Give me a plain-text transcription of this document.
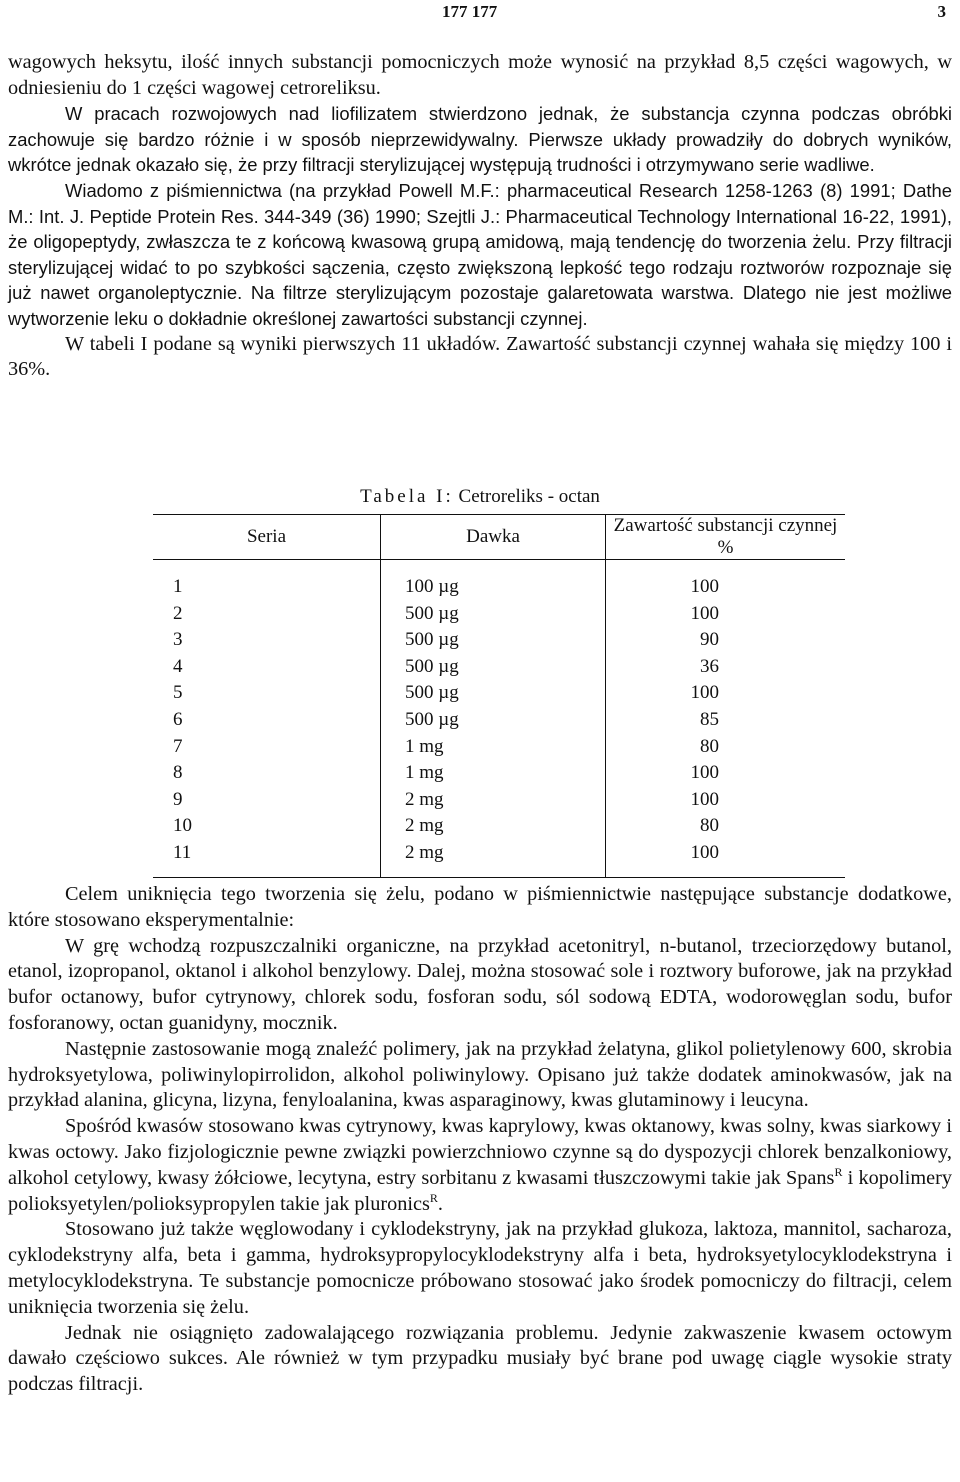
177 177	3

wagowych heksytu, ilość innych substancji pomocniczych może wynosić na przykład 8,5 części wagowych, w odniesieniu do 1 części wagowej cetroreliksu.

W pracach rozwojowych nad liofilizatem stwierdzono jednak, że substancja czynna podczas obróbki zachowuje się bardzo różnie i w sposób nieprzewidywalny. Pierwsze układy prowadziły do dobrych wyników, wkrótce jednak okazało się, że przy filtracji sterylizującej występują trudności i otrzymywano serie wadliwe.

Wiadomo z piśmiennictwa (na przykład Powell M.F.: pharmaceutical Research 1258-1263 (8) 1991; Dathe M.: Int. J. Peptide Protein Res. 344-349 (36) 1990; Szejtli J.: Pharmaceutical Technology International 16-22, 1991), że oligopeptydy, zwłaszcza te z końcową kwasową grupą amidową, mają tendencję do tworzenia żelu. Przy filtracji sterylizującej widać to po szybkości sączenia, często zwiększoną lepkość tego rodzaju roztworów rozpoznaje się już nawet organoleptycznie. Na filtrze sterylizującym pozostaje galaretowata warstwa. Dlatego nie jest możliwe wytworzenie leku o dokładnie określonej zawartości substancji czynnej.

W tabeli I podane są wyniki pierwszych 11 układów. Zawartość substancji czynnej wahała się między 100 i 36%.

Tabela I: Cetroreliks - octan
Seria	Dawka	Zawartość substancji czynnej %
1	100 µg	100
2	500 µg	100
3	500 µg	90
4	500 µg	36
5	500 µg	100
6	500 µg	85
7	1 mg	80
8	1 mg	100
9	2 mg	100
10	2 mg	80
11	2 mg	100

Celem uniknięcia tego tworzenia się żelu, podano w piśmiennictwie następujące substancje dodatkowe, które stosowano eksperymentalnie:

W grę wchodzą rozpuszczalniki organiczne, na przykład acetonitryl, n-butanol, trzeciorzędowy butanol, etanol, izopropanol, oktanol i alkohol benzylowy. Dalej, można stosować sole i roztwory buforowe, jak na przykład bufor octanowy, bufor cytrynowy, chlorek sodu, fosforan sodu, sól sodową EDTA, wodorowęglan sodu, bufor fosforanowy, octan guanidyny, mocznik.

Następnie zastosowanie mogą znaleźć polimery, jak na przykład żelatyna, glikol polietylenowy 600, skrobia hydroksyetylowa, poliwinylopirrolidon, alkohol poliwinylowy. Opisano już także dodatek aminokwasów, jak na przykład alanina, glicyna, lizyna, fenyloalanina, kwas asparaginowy, kwas glutaminowy i leucyna.

Spośród kwasów stosowano kwas cytrynowy, kwas kaprylowy, kwas oktanowy, kwas solny, kwas siarkowy i kwas octowy. Jako fizjologicznie pewne związki powierzchniowo czynne są do dyspozycji chlorek benzalkoniowy, alkohol cetylowy, kwasy żółciowe, lecytyna, estry sorbitanu z kwasami tłuszczowymi takie jak Spans$^R$ i kopolimery polioksyetylen/polioksypropylen takie jak pluronics$^R$.

Stosowano już także węglowodany i cyklodekstryny, jak na przykład glukoza, laktoza, mannitol, sacharoza, cyklodekstryny alfa, beta i gamma, hydroksypropylocyklodekstryny alfa i beta, hydroksyetylocyklodekstryna i metylocyklodekstryna. Te substancje pomocnicze próbowano stosować jako środek pomocniczy do filtracji, celem uniknięcia tworzenia się żelu.

Jednak nie osiągnięto zadowalającego rozwiązania problemu. Jedynie zakwaszenie kwasem octowym dawało częściowo sukces. Ale również w tym przypadku musiały być brane pod uwagę ciągle wysokie straty podczas filtracji.
